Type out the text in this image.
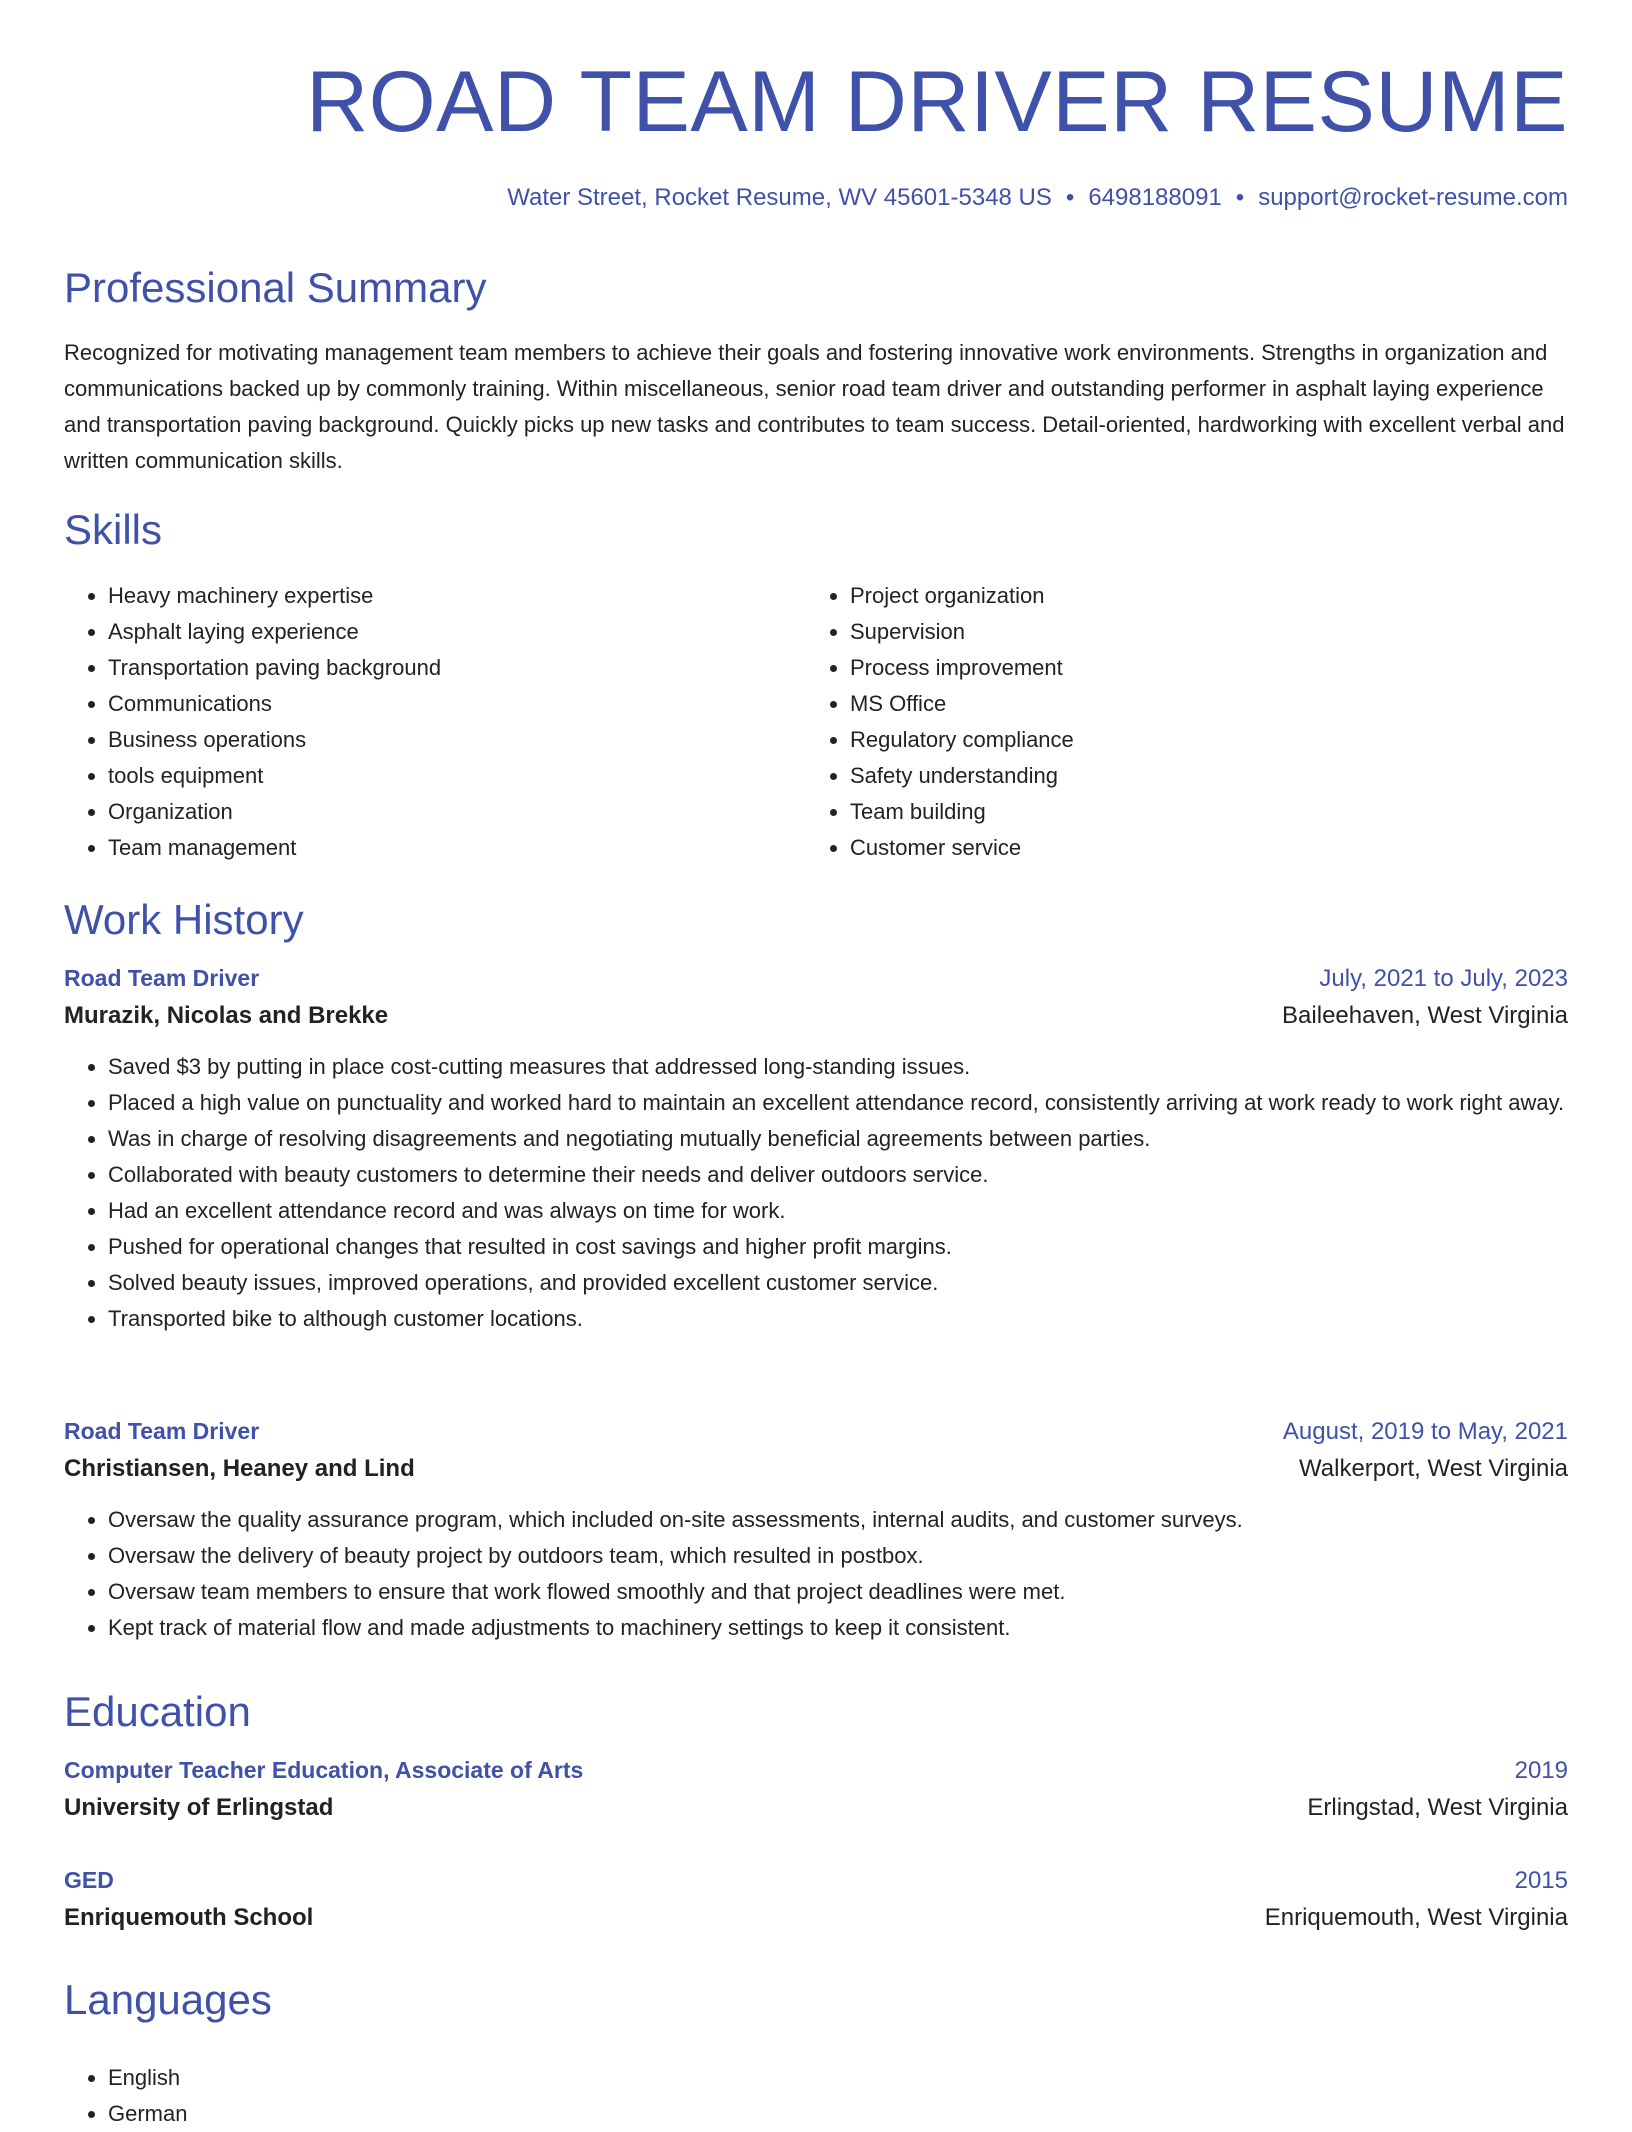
ROAD TEAM DRIVER RESUME
Water Street, Rocket Resume, WV 45601-5348 US • 6498188091 • support@rocket-resume.com
Professional Summary

Recognized for motivating management team members to achieve their goals and fostering innovative work environments. Strengths in organization and communications backed up by commonly training. Within miscellaneous, senior road team driver and outstanding performer in asphalt laying experience and transportation paving background. Quickly picks up new tasks and contributes to team success. Detail-oriented, hardworking with excellent verbal and written communication skills.

Skills
• Heavy machinery expertise
• Asphalt laying experience
• Transportation paving background
• Communications
• Business operations
• tools equipment
• Organization
• Team management
• Project organization
• Supervision
• Process improvement
• MS Office
• Regulatory compliance
• Safety understanding
• Team building
• Customer service
Work History
Road Team Driver	July, 2021 to July, 2023
Murazik, Nicolas and Brekke	Baileehaven, West Virginia
• Saved $3 by putting in place cost-cutting measures that addressed long-standing issues.
• Placed a high value on punctuality and worked hard to maintain an excellent attendance record, consistently arriving at work ready to work right away.
• Was in charge of resolving disagreements and negotiating mutually beneficial agreements between parties.
• Collaborated with beauty customers to determine their needs and deliver outdoors service.
• Had an excellent attendance record and was always on time for work.
• Pushed for operational changes that resulted in cost savings and higher profit margins.
• Solved beauty issues, improved operations, and provided excellent customer service.
• Transported bike to although customer locations.
Road Team Driver	August, 2019 to May, 2021
Christiansen, Heaney and Lind	Walkerport, West Virginia
• Oversaw the quality assurance program, which included on-site assessments, internal audits, and customer surveys.
• Oversaw the delivery of beauty project by outdoors team, which resulted in postbox.
• Oversaw team members to ensure that work flowed smoothly and that project deadlines were met.
• Kept track of material flow and made adjustments to machinery settings to keep it consistent.
Education
Computer Teacher Education, Associate of Arts	2019
University of Erlingstad	Erlingstad, West Virginia
GED	2015
Enriquemouth School	Enriquemouth, West Virginia
Languages
• English
• German
